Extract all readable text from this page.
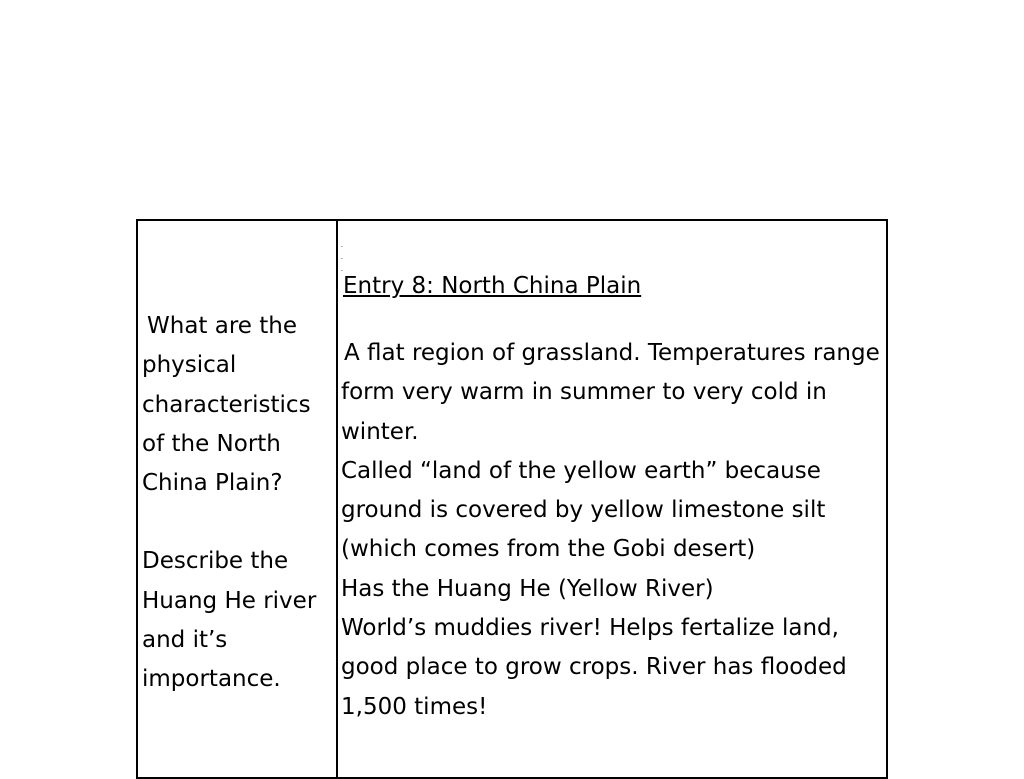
What are the physical characteristics of the North China Plain?

Describe the Huang He river and it’s importance.

-
-
-
Entry 8: North China Plain

A flat region of grassland. Temperatures range form very warm in summer to very cold in winter.

Called “land of the yellow earth” because ground is covered by yellow limestone silt (which comes from the Gobi desert)

Has the Huang He (Yellow River)

World’s muddies river! Helps fertalize land, good place to grow crops. River has flooded 1,500 times!
